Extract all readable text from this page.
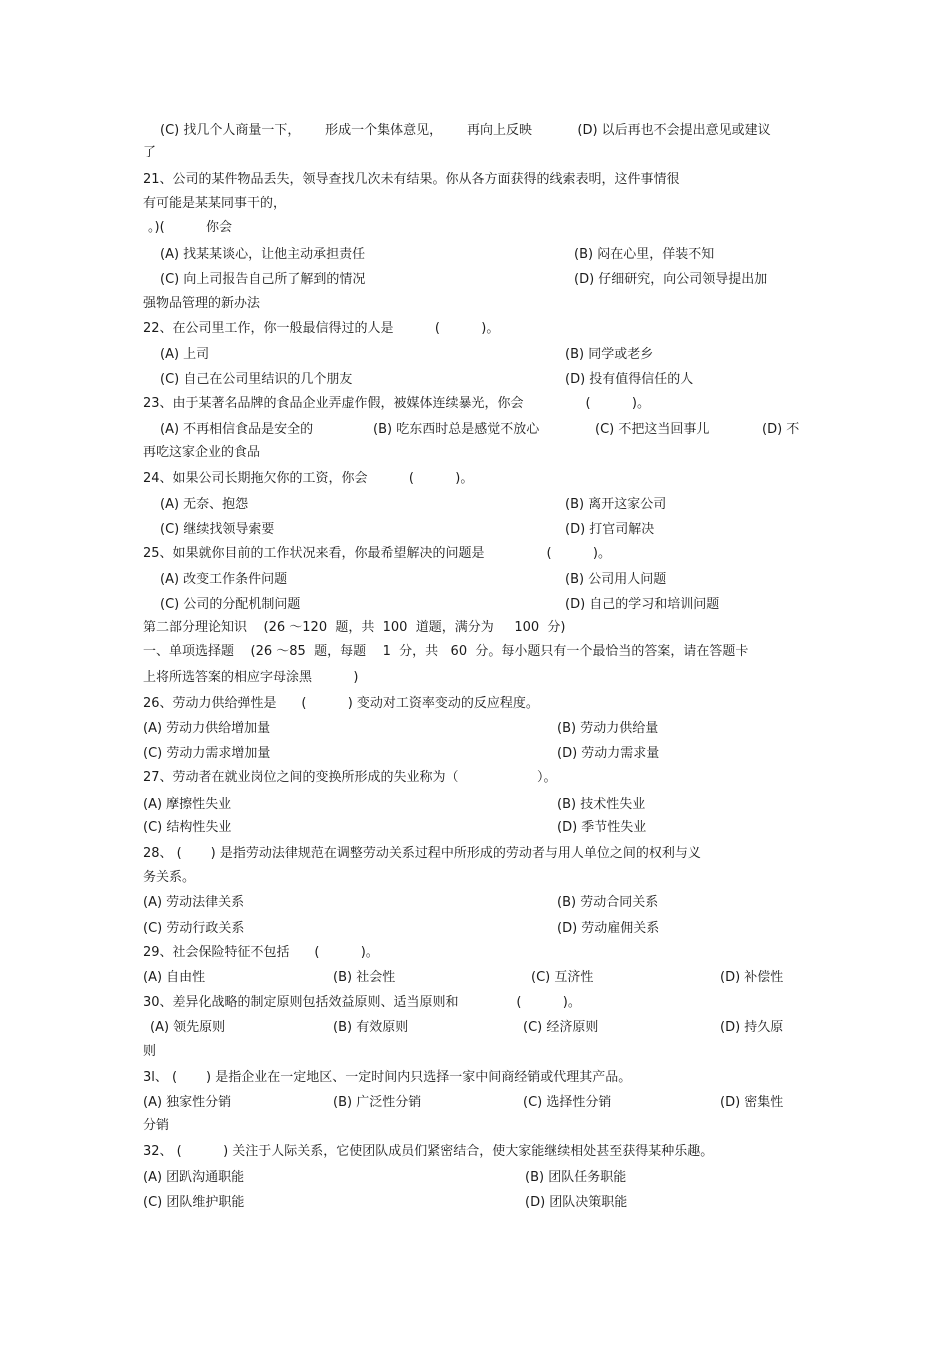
(C) 找几个人商量一下，      形成一个集体意见，      再向上反映           (D) 以后再也不会提出意见或建议
了
21、公司的某件物品丢失，领导查找几次未有结果。你从各方面获得的线索表明，这件事情很
有可能是某某同事干的，
。)(          你会
(A) 找某某谈心，让他主动承担责任	(B) 闷在心里，佯装不知
(C) 向上司报告自己所了解到的情况	(D) 仔细研究，向公司领导提出加
强物品管理的新办法
22、在公司里工作，你一般最信得过的人是          (          )。
(A) 上司	(B) 同学或老乡
(C) 自己在公司里结识的几个朋友	(D) 投有值得信任的人
23、由于某著名品牌的食品企业弄虚作假，被媒体连续暴光，你会               (          )。
(A) 不再相信食品是安全的	(B) 吃东西时总是感觉不放心	(C) 不把这当回事儿	(D) 不
再吃这家企业的食品
24、如果公司长期拖欠你的工资，你会          (          )。
(A) 无奈、抱怨	(B) 离开这家公司
(C) 继续找领导索要	(D) 打官司解决
25、如果就你目前的工作状况来看，你最希望解决的问题是               (          )。
(A) 改变工作条件问题	(B) 公司用人问题
(C) 公司的分配机制问题	(D) 自己的学习和培训问题
第二部分理论知识    (26 ～120  题，共  100  道题，满分为     100  分)
一、单项选择题    (26 ～85  题，每题    1  分，共   60  分。每小题只有一个最恰当的答案，请在答题卡
上将所选答案的相应字母涂黑          )
26、劳动力供给弹性是      (          ) 变动对工资率变动的反应程度。
(A) 劳动力供给增加量	(B) 劳动力供给量
(C) 劳动力需求增加量	(D) 劳动力需求量
27、劳动者在就业岗位之间的变换所形成的失业称为（                   ）。
(A) 摩擦性失业	(B) 技术性失业
(C) 结构性失业	(D) 季节性失业
28、 (       ) 是指劳动法律规范在调整劳动关系过程中所形成的劳动者与用人单位之间的权利与义
务关系。
(A) 劳动法律关系	(B) 劳动合同关系
(C) 劳动行政关系	(D) 劳动雇佣关系
29、社会保险特征不包括      (          )。
(A) 自由性	(B) 社会性	(C) 互济性	(D) 补偿性
30、差异化战略的制定原则包括效益原则、适当原则和              (          )。
(A) 领先原则	(B) 有效原则	(C) 经济原则	(D) 持久原
则
3l、 (       ) 是指企业在一定地区、一定时间内只选择一家中间商经销或代理其产品。
(A) 独家性分销	(B) 广泛性分销	(C) 选择性分销	(D) 密集性
分销
32、 (          ) 关注于人际关系，它使团队成员们紧密结合，使大家能继续相处甚至获得某种乐趣。
(A) 团趴沟通职能	(B) 团队任务职能
(C) 团队维护职能	(D) 团队决策职能
